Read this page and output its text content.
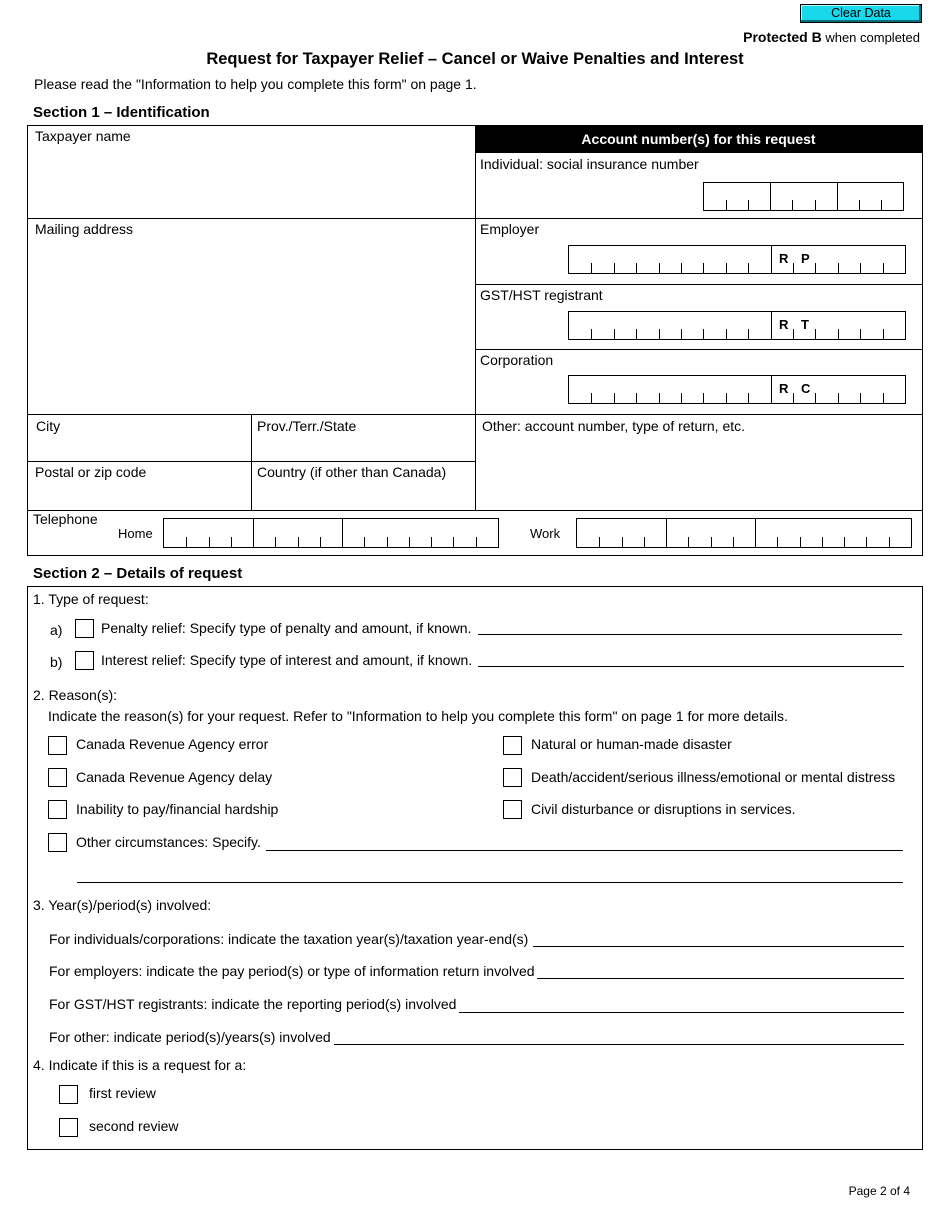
Clear Data
Protected B when completed
Request for Taxpayer Relief – Cancel or Waive Penalties and Interest
Please read the "Information to help you complete this form" on page 1.
Section 1 – Identification
Taxpayer name
Mailing address
City	Prov./Terr./State
Postal or zip code	Country (if other than Canada)
Account number(s) for this request
Individual: social insurance number
Employer
R P
GST/HST registrant
R T
Corporation
R C
Other: account number, type of return, etc.
Telephone
Home	Work
Section 2 – Details of request
1. Type of request:
a)	Penalty relief: Specify type of penalty and amount, if known.
b)	Interest relief: Specify type of interest and amount, if known.
2. Reason(s):
Indicate the reason(s) for your request. Refer to "Information to help you complete this form" on page 1 for more details.
Canada Revenue Agency error
Canada Revenue Agency delay
Inability to pay/financial hardship
Natural or human-made disaster
Death/accident/serious illness/emotional or mental distress
Civil disturbance or disruptions in services.
Other circumstances: Specify.
3. Year(s)/period(s) involved:
For individuals/corporations: indicate the taxation year(s)/taxation year-end(s)
For employers: indicate the pay period(s) or type of information return involved
For GST/HST registrants: indicate the reporting period(s) involved
For other: indicate period(s)/years(s) involved
4. Indicate if this is a request for a:
first review
second review
Page 2 of 4
